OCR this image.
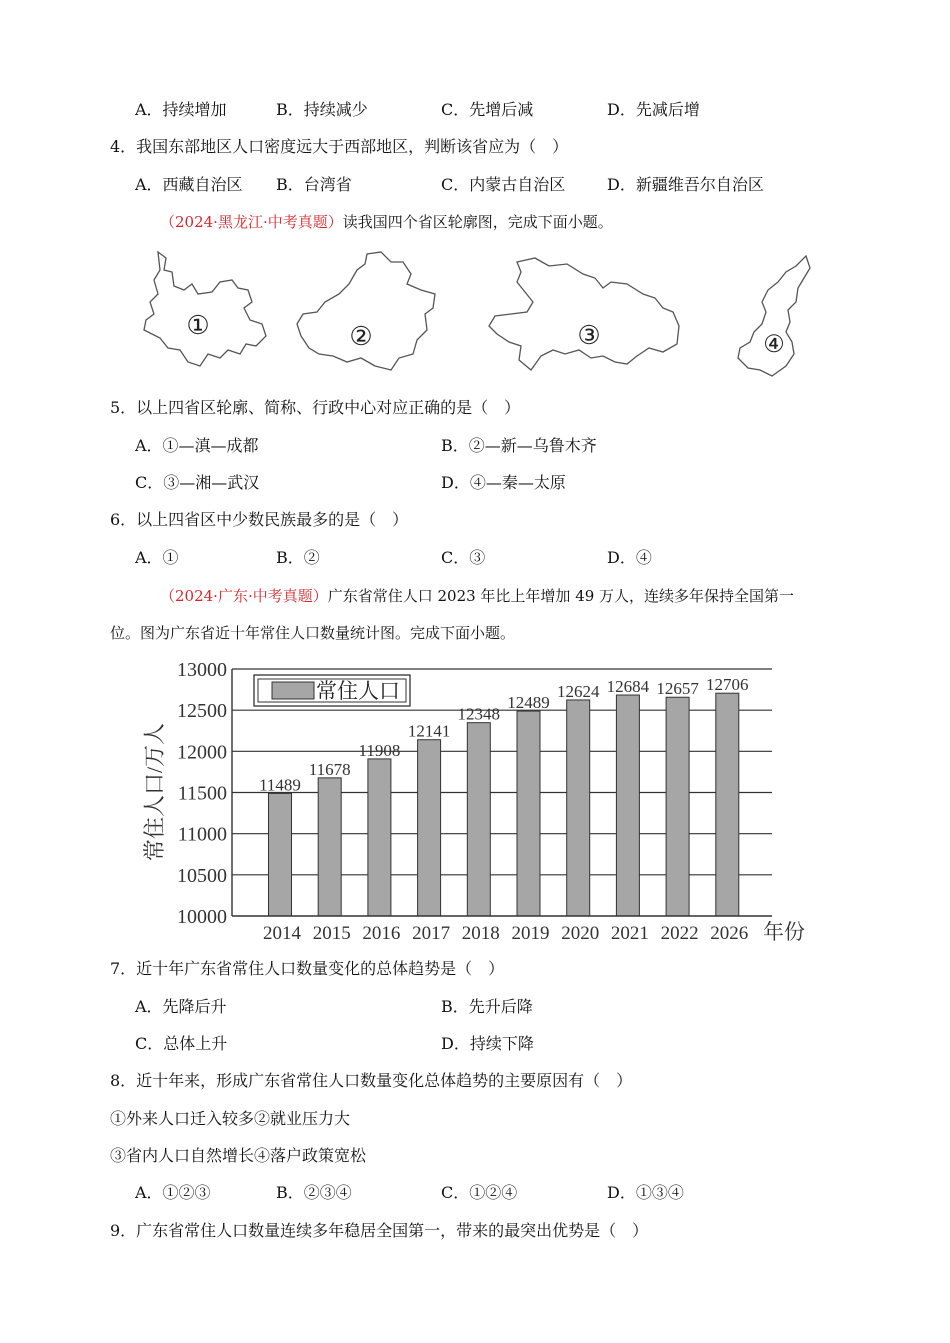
A．持续增加	B．持续减少	C．先增后减	D．先减后增
4．我国东部地区人口密度远大于西部地区，判断该省应为（　）
A．西藏自治区 B．台湾省	C．内蒙古自治区	D．新疆维吾尔自治区
（2024·黑龙江·中考真题）读我国四个省区轮廓图，完成下面小题。
①	②	③	④
5．以上四省区轮廓、简称、行政中心对应正确的是（　）
A．①—滇—成都	B．②—新—乌鲁木齐
C．③—湘—武汉	D．④—秦—太原
6．以上四省区中少数民族最多的是（　）
A．①	B．②	C．③	D．④
（2024·广东·中考真题）广东省常住人口 2023 年比上年增加 49 万人，连续多年保持全国第一
位。图为广东省近十年常住人口数量统计图。完成下面小题。
11489
11678
11908
12141
12348
12489
12624 12684 12657 12706
10000
10500
11000
11500
12000
12500
13000
2014 2015 2016 2017 2018 2019 2020 2021 2022 2026
常住人口
常住人口/万人
年份
7．近十年广东省常住人口数量变化的总体趋势是（　）
A．先降后升	B．先升后降
C．总体上升	D．持续下降
8．近十年来，形成广东省常住人口数量变化总体趋势的主要原因有（　）
①外来人口迁入较多②就业压力大
③省内人口自然增长④落户政策宽松
A．①②③	B．②③④	C．①②④	D．①③④
9．广东省常住人口数量连续多年稳居全国第一，带来的最突出优势是（　）
